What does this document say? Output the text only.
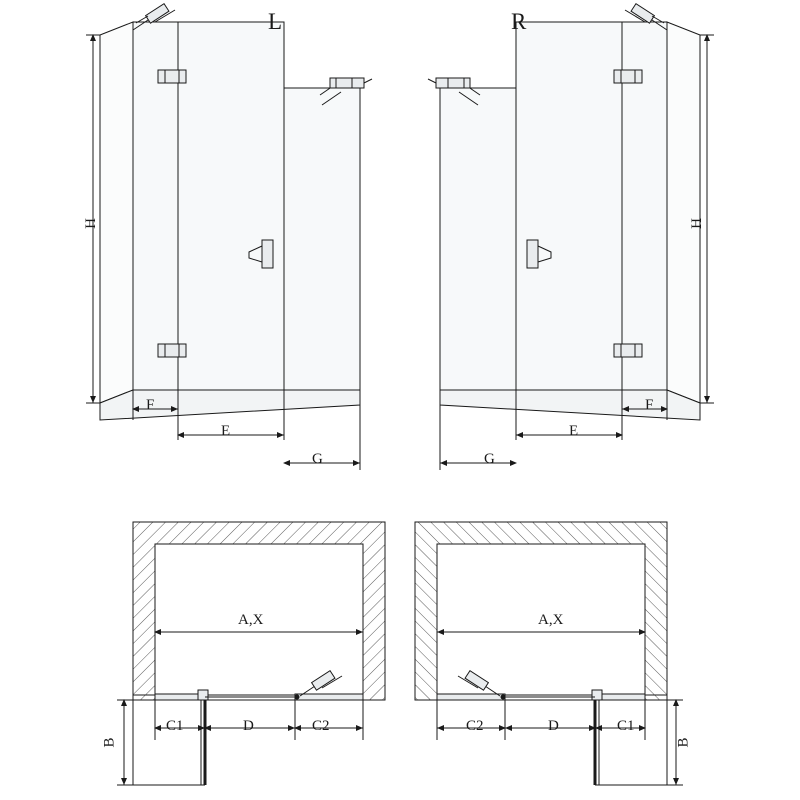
L	R
H
F
E
G
H
F
E
G
A,X
B
C1	D	C2
A,X
B
C2	D	C1
